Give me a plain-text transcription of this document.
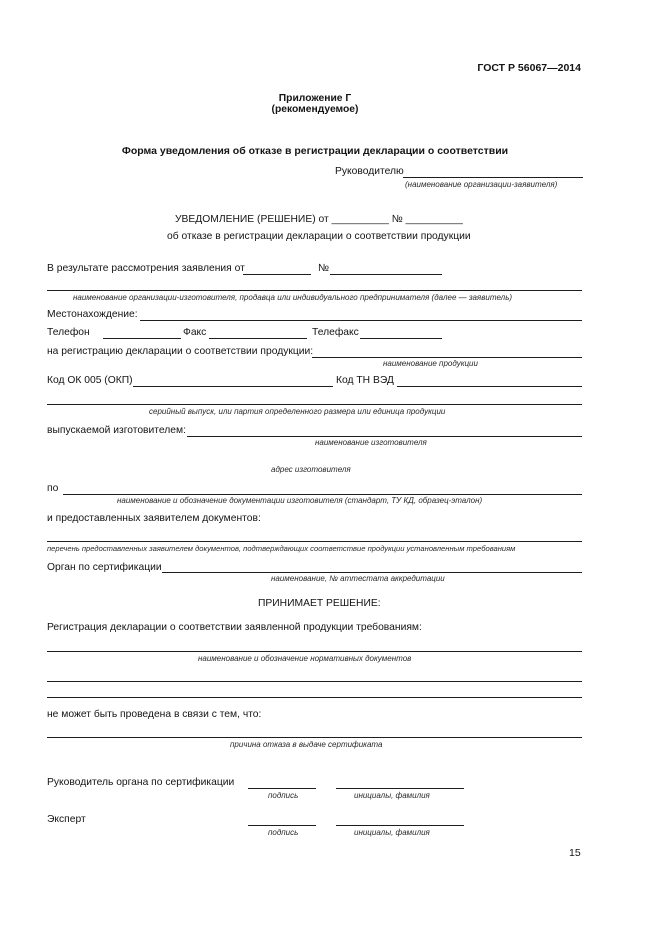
ГОСТ Р 56067—2014
Приложение Г
(рекомендуемое)
Форма уведомления об отказе в регистрации декларации о соответствии
Руководителю
(наименование организации-заявителя)
УВЕДОМЛЕНИЕ (РЕШЕНИЕ) от __________ № __________
об отказе в регистрации декларации о соответствии продукции
В результате рассмотрения заявления от	№
наименование организации-изготовителя, продавца или индивидуального предпринимателя (далее — заявитель)
Местонахождение:
Телефон	Факс	Телефакс
на регистрацию декларации о соответствии продукции:
наименование продукции
Код ОК 005 (ОКП)	Код ТН ВЭД
серийный выпуск, или партия определенного размера или единица продукции
выпускаемой изготовителем:
наименование изготовителя
адрес изготовителя
по
наименование и обозначение документации изготовителя (стандарт, ТУ КД, образец-эталон)
и предоставленных заявителем документов:
перечень предоставленных заявителем документов, подтверждающих соответствие продукции установленным требованиям
Орган по сертификации
наименование, № аттестата аккредитации
ПРИНИМАЕТ РЕШЕНИЕ:
Регистрация декларации о соответствии заявленной продукции требованиям:
наименование и обозначение нормативных документов
не может быть проведена в связи с тем, что:
причина отказа в выдаче сертификата
Руководитель органа по сертификации
подпись	инициалы, фамилия
Эксперт
подпись	инициалы, фамилия
15
